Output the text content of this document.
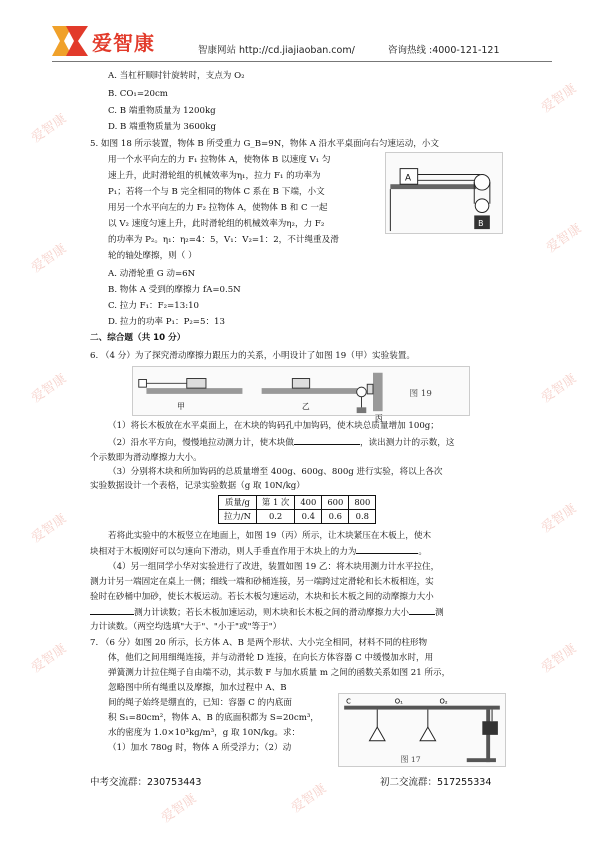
爱智康	智康网站 http://cd.jiajiaoban.com/	咨询热线 :4000-121-121
爱智康
爱智康
爱智康
爱智康
爱智康	爱智康
爱智康	爱智康
爱智康	爱智康
爱智康
爱智康
A. 当杠杆顺时针旋转时，支点为 O₂
B. CO₁=20cm
C. B 端重物质量为 1200kg
D. B 端重物质量为 3600kg
5. 如图 18 所示装置，物体 B 所受重力 G_B=9N，物体 A 沿水平桌面向右匀速运动，小文
用一个水平向左的力 F₁ 拉物体 A，使物体 B 以速度 V₁ 匀
速上升，此时滑轮组的机械效率为η₁，拉力 F₁ 的功率为
P₁；若将一个与 B 完全相同的物体 C 系在 B 下端，小文
用另一个水平向左的力 F₂ 拉物体 A，使物体 B 和 C 一起
以 V₂ 速度匀速上升，此时滑轮组的机械效率为η₂，力 F₂
的功率为 P₂。η₁：η₂=4：5，V₁：V₂=1：2，不计绳重及滑
轮的轴处摩擦，则（ ）
A
B
A. 动滑轮重 G 动=6N
B. 物体 A 受到的摩擦力 fA=0.5N
C. 拉力 F₁：F₂=13:10
D. 拉力的功率 P₁：P₂=5：13
二、综合题（共 10 分）
6. （4 分）为了探究滑动摩擦力跟压力的关系，小明设计了如图 19（甲）实验装置。
甲	乙
丙
图 19
（1）将长木板放在水平桌面上，在木块的钩码孔中加钩码，使木块总质量增加 100g；
（2）沿水平方向，慢慢地拉动测力计，使木块做	，读出测力计的示数，这
个示数即为滑动摩擦力大小。
（3）分别将木块和所加钩码的总质量增至 400g、600g、800g 进行实验，将以上各次
实验数据设计一个表格，记录实验数据（g 取 10N/kg）
质量/g	第 1 次	400	600	800
拉力/N	0.2	0.4	0.6	0.8
若将此实验中的木板竖立在地面上，如图 19（丙）所示，让木块紧压在木板上，使木
块相对于木板刚好可以匀速向下滑动，则人手垂直作用于木块上的力为	。
（4）另一组同学小华对实验进行了改进，装置如图 19 乙：将木块用测力计水平拉住，
测力计另一端固定在桌上一侧；细线一端和砂桶连接，另一端跨过定滑轮和长木板相连，实
验时在砂桶中加砂，使长木板运动。若长木板匀速运动，木块和长木板之间的动摩擦力大小
测力计读数；若长木板加速运动，则木块和长木板之间的滑动摩擦力大小	测
力计读数。（两空均选填"大于"、"小于"或"等于"）
7. （6 分）如图 20 所示，长方体 A、B 是两个形状、大小完全相同，材料不同的柱形物
体，他们之间用细绳连接，并与动滑轮 D 连接，在向长方体容器 C 中缓慢加水时，用
弹簧测力计拉住绳子自由端不动，其示数 F 与加水质量 m 之间的函数关系如图 21 所示，
忽略图中所有绳重以及摩擦，加水过程中 A、B
间的绳子始终是绷直的，已知：容器 C 的内底面
积 S₁=80cm²，物体 A、B 的底面积都为 S=20cm³，
水的密度为 1.0×10³kg/m³，g 取 10N/kg。求：
（1）加水 780g 时，物体 A 所受浮力；（2）动
O₁	O₂
C
图 17
中考交流群：230753443	初二交流群：517255334
